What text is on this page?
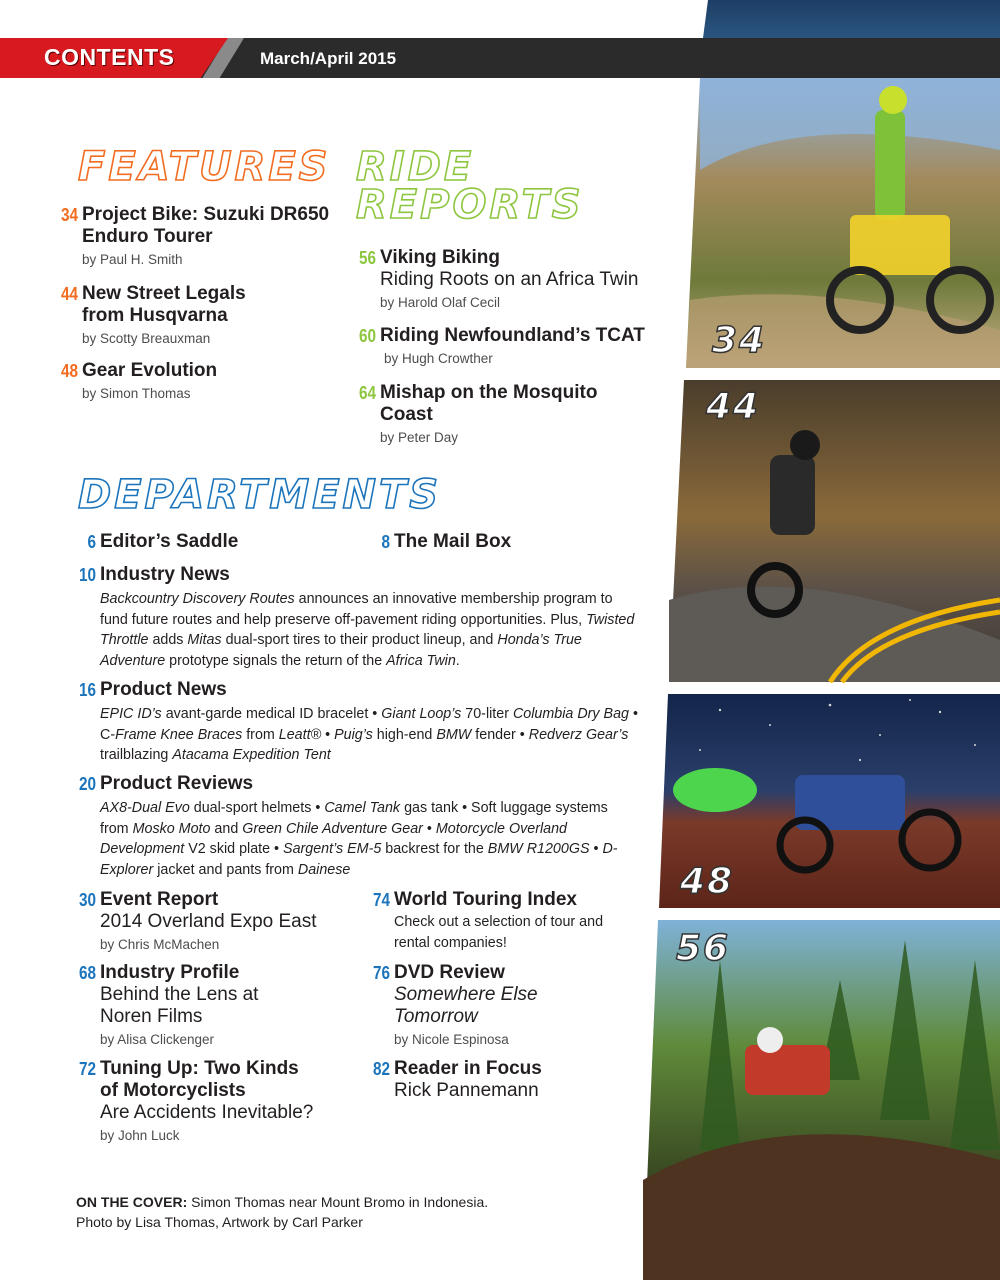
CONTENTS	March/April 2015
FEATURES RIDE
REPORTS
DEPARTMENTS
34 Project Bike: Suzuki DR650 Enduro Tourer
by Paul H. Smith
44 New Street Legals from Husqvarna
by Scotty Breauxman
48 Gear Evolution
by Simon Thomas
56 Viking Biking
Riding Roots on an Africa Twin
by Harold Olaf Cecil
60 Riding Newfoundland’s TCAT
by Hugh Crowther
64 Mishap on the Mosquito Coast
by Peter Day
6 Editor’s Saddle	8 The Mail Box
10 Industry News
Backcountry Discovery Routes announces an innovative membership program to fund future routes and help preserve off-pavement riding opportunities. Plus, Twisted Throttle adds Mitas dual-sport tires to their product lineup, and Honda’s True Adventure prototype signals the return of the Africa Twin.
16 Product News
EPIC ID’s avant-garde medical ID bracelet • Giant Loop’s 70-liter Columbia Dry Bag • C-Frame Knee Braces from Leatt® • Puig’s high-end BMW fender • Redverz Gear’s trailblazing Atacama Expedition Tent
20 Product Reviews
AX8-Dual Evo dual-sport helmets • Camel Tank gas tank • Soft luggage systems from Mosko Moto and Green Chile Adventure Gear • Motorcycle Overland Development V2 skid plate • Sargent’s EM-5 backrest for the BMW R1200GS • D-Explorer jacket and pants from Dainese
30 Event Report
2014 Overland Expo East
by Chris McMachen
68 Industry Profile
Behind the Lens at Noren Films
by Alisa Clickenger
72 Tuning Up: Two Kinds of Motorcyclists
Are Accidents Inevitable?
by John Luck
74 World Touring Index
Check out a selection of tour and rental companies!
76 DVD Review
Somewhere Else Tomorrow
by Nicole Espinosa
82 Reader in Focus
Rick Pannemann
ON THE COVER: Simon Thomas near Mount Bromo in Indonesia.
Photo by Lisa Thomas, Artwork by Carl Parker
34
44
48
56
